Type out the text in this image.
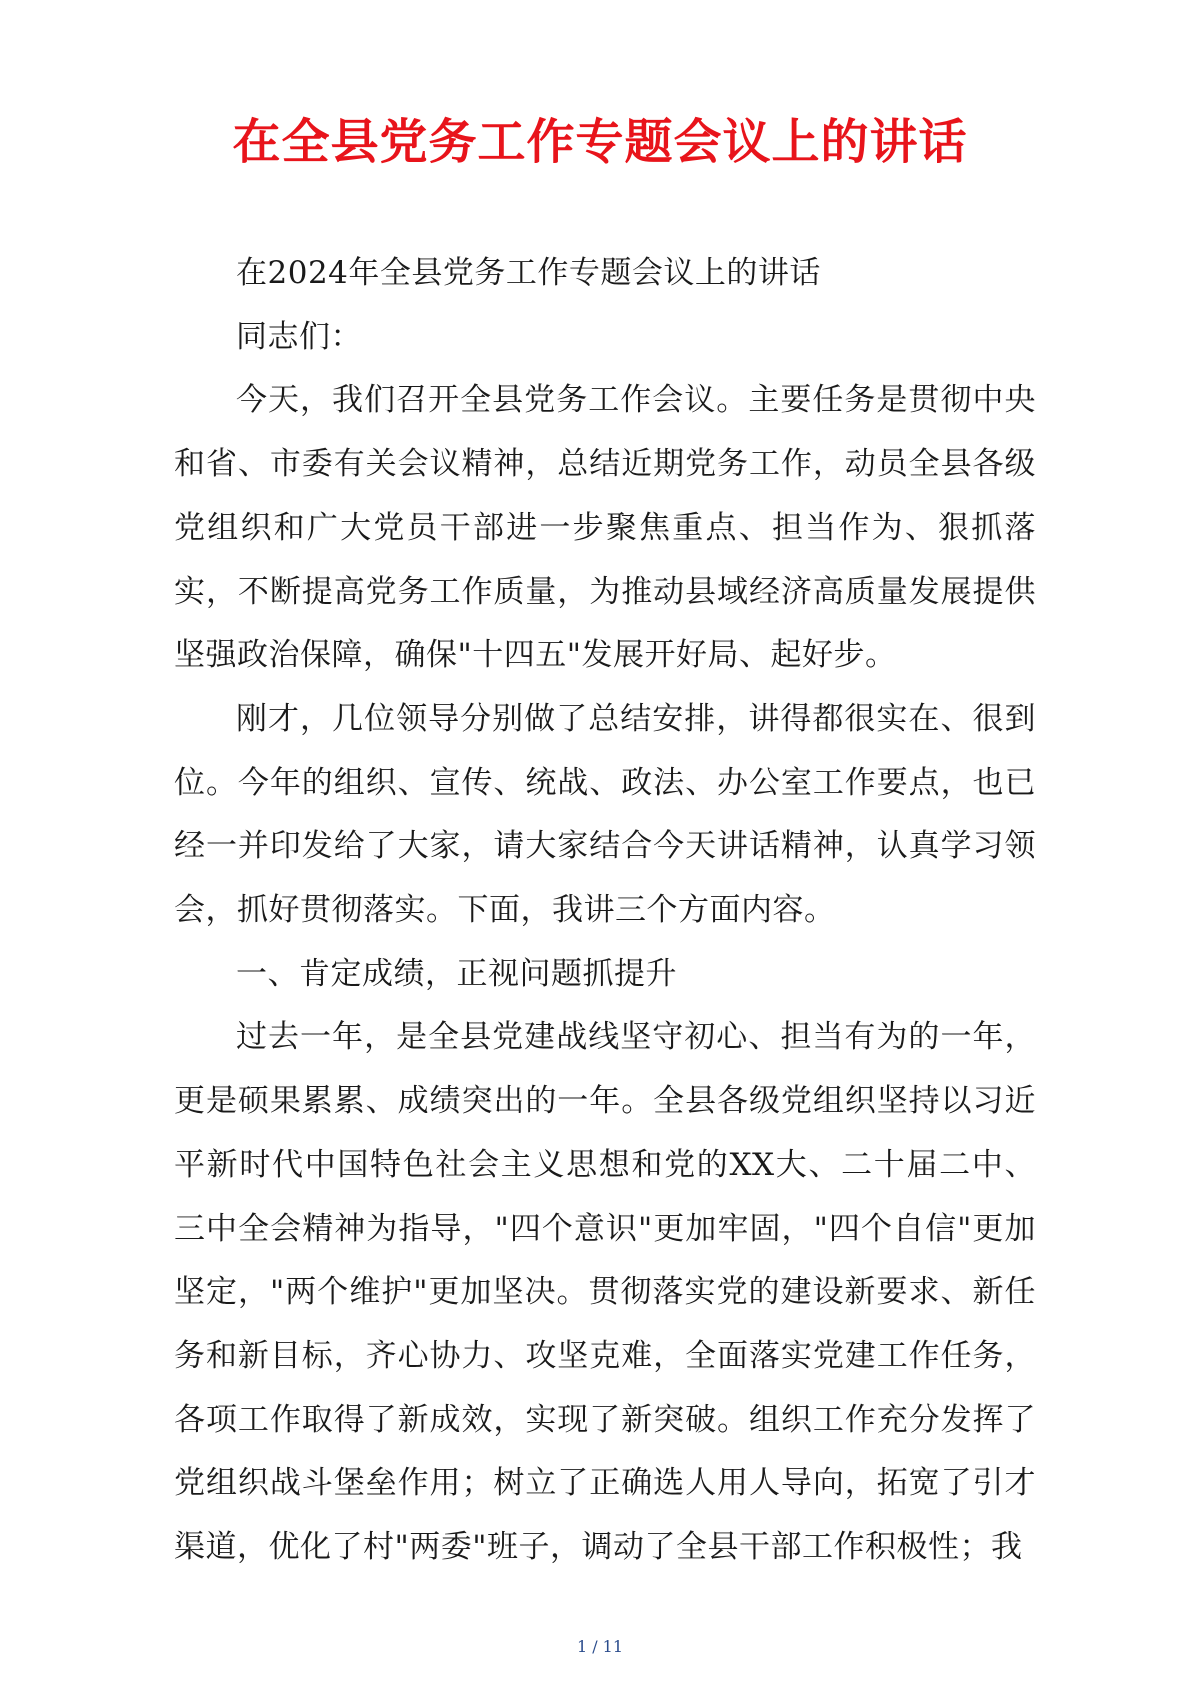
在全县党务工作专题会议上的讲话

在2024年全县党务工作专题会议上的讲话

同志们：

今天，我们召开全县党务工作会议。主要任务是贯彻中央和省、市委有关会议精神，总结近期党务工作，动员全县各级党组织和广大党员干部进一步聚焦重点、担当作为、狠抓落实，不断提高党务工作质量，为推动县域经济高质量发展提供坚强政治保障，确保"十四五"发展开好局、起好步。

刚才，几位领导分别做了总结安排，讲得都很实在、很到位。今年的组织、宣传、统战、政法、办公室工作要点，也已经一并印发给了大家，请大家结合今天讲话精神，认真学习领会，抓好贯彻落实。下面，我讲三个方面内容。

一、肯定成绩，正视问题抓提升

过去一年，是全县党建战线坚守初心、担当有为的一年，更是硕果累累、成绩突出的一年。全县各级党组织坚持以习近平新时代中国特色社会主义思想和党的XX大、二十届二中、三中全会精神为指导，"四个意识"更加牢固，"四个自信"更加坚定，"两个维护"更加坚决。贯彻落实党的建设新要求、新任务和新目标，齐心协力、攻坚克难，全面落实党建工作任务，各项工作取得了新成效，实现了新突破。组织工作充分发挥了党组织战斗堡垒作用；树立了正确选人用人导向，拓宽了引才渠道，优化了村"两委"班子，调动了全县干部工作积极性；我

1 / 11
